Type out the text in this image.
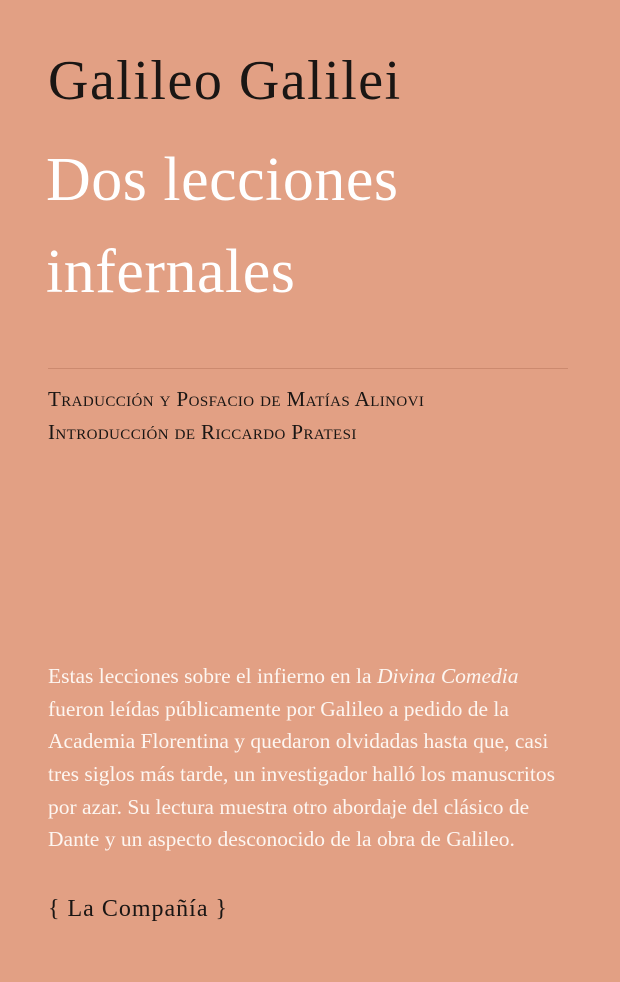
Galileo Galilei
Dos lecciones
infernales
Traducción y Posfacio de Matías Alinovi
Introducción de Riccardo Pratesi
Estas lecciones sobre el infierno en la Divina Comedia fueron leídas públicamente por Galileo a pedido de la Academia Florentina y quedaron olvidadas hasta que, casi tres siglos más tarde, un investigador halló los manuscritos por azar. Su lectura muestra otro abordaje del clásico de Dante y un aspecto desconocido de la obra de Galileo.
{ La Compañía }
